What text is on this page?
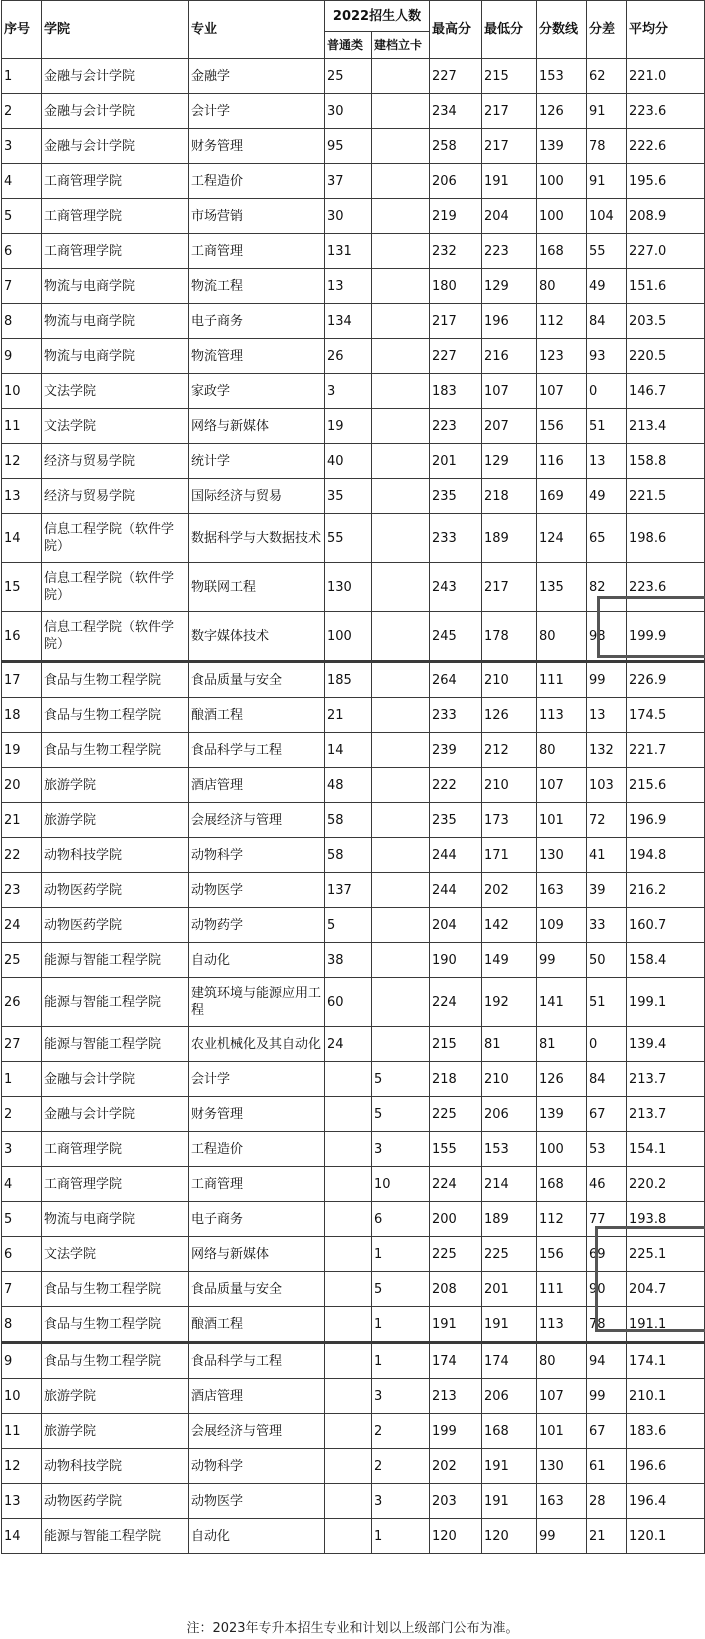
序号	学院	专业	2022招生人数		最高分	最低分	分数线	分差	平均分
			普通类	建档立卡					
1	金融与会计学院	金融学	25		227	215	153	62	221.0
2	金融与会计学院	会计学	30		234	217	126	91	223.6
3	金融与会计学院	财务管理	95		258	217	139	78	222.6
4	工商管理学院	工程造价	37		206	191	100	91	195.6
5	工商管理学院	市场营销	30		219	204	100	104	208.9
6	工商管理学院	工商管理	131		232	223	168	55	227.0
7	物流与电商学院	物流工程	13		180	129	80	49	151.6
8	物流与电商学院	电子商务	134		217	196	112	84	203.5
9	物流与电商学院	物流管理	26		227	216	123	93	220.5
10	文法学院	家政学	3		183	107	107	0	146.7
11	文法学院	网络与新媒体	19		223	207	156	51	213.4
12	经济与贸易学院	统计学	40		201	129	116	13	158.8
13	经济与贸易学院	国际经济与贸易	35		235	218	169	49	221.5
14	信息工程学院（软件学院）	数据科学与大数据技术	55		233	189	124	65	198.6
15	信息工程学院（软件学院）	物联网工程	130		243	217	135	82	223.6
16	信息工程学院（软件学院）	数字媒体技术	100		245	178	80	98	199.9
17	食品与生物工程学院	食品质量与安全	185		264	210	111	99	226.9
18	食品与生物工程学院	酿酒工程	21		233	126	113	13	174.5
19	食品与生物工程学院	食品科学与工程	14		239	212	80	132	221.7
20	旅游学院	酒店管理	48		222	210	107	103	215.6
21	旅游学院	会展经济与管理	58		235	173	101	72	196.9
22	动物科技学院	动物科学	58		244	171	130	41	194.8
23	动物医药学院	动物医学	137		244	202	163	39	216.2
24	动物医药学院	动物药学	5		204	142	109	33	160.7
25	能源与智能工程学院	自动化	38		190	149	99	50	158.4
26	能源与智能工程学院	建筑环境与能源应用工程	60		224	192	141	51	199.1
27	能源与智能工程学院	农业机械化及其自动化	24		215	81	81	0	139.4
1	金融与会计学院	会计学		5	218	210	126	84	213.7
2	金融与会计学院	财务管理		5	225	206	139	67	213.7
3	工商管理学院	工程造价		3	155	153	100	53	154.1
4	工商管理学院	工商管理		10	224	214	168	46	220.2
5	物流与电商学院	电子商务		6	200	189	112	77	193.8
6	文法学院	网络与新媒体		1	225	225	156	69	225.1
7	食品与生物工程学院	食品质量与安全		5	208	201	111	90	204.7
8	食品与生物工程学院	酿酒工程		1	191	191	113	78	191.1
9	食品与生物工程学院	食品科学与工程		1	174	174	80	94	174.1
10	旅游学院	酒店管理		3	213	206	107	99	210.1
11	旅游学院	会展经济与管理		2	199	168	101	67	183.6
12	动物科技学院	动物科学		2	202	191	130	61	196.6
13	动物医药学院	动物医学		3	203	191	163	28	196.4
14	能源与智能工程学院	自动化		1	120	120	99	21	120.1
注：2023年专升本招生专业和计划以上级部门公布为准。
